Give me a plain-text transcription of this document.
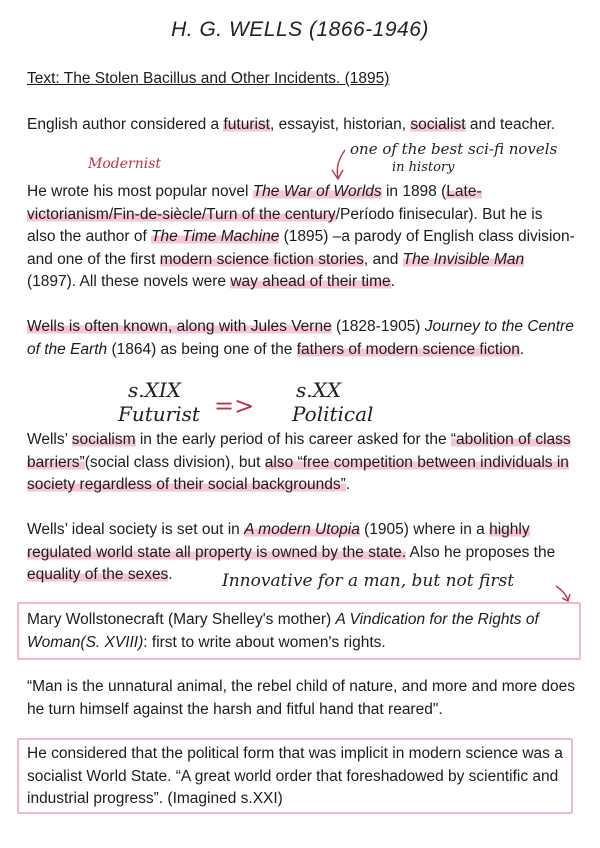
H. G. WELLS (1866-1946)
Text: The Stolen Bacillus and Other Incidents. (1895)

English author considered a futurist, essayist, historian, socialist and teacher.

He wrote his most popular novel The War of Worlds in 1898 (Late-victorianism/Fin-de-siècle/Turn of the century/Período finisecular). But he is also the author of The Time Machine (1895) –a parody of English class division- and one of the first modern science fiction stories, and The Invisible Man (1897). All these novels were way ahead of their time.

Wells is often known, along with Jules Verne (1828-1905) Journey to the Centre of the Earth (1864) as being one of the fathers of modern science fiction.

Wells’ socialism in the early period of his career asked for the “abolition of class barriers”(social class division), but also “free competition between individuals in society regardless of their social backgrounds”.

Wells’ ideal society is set out in A modern Utopia (1905) where in a highly regulated world state all property is owned by the state. Also he proposes the equality of the sexes.

Mary Wollstonecraft (Mary Shelley's mother) A Vindication for the Rights of Woman(S. XVIII): first to write about women's rights.

“Man is the unnatural animal, the rebel child of nature, and more and more does he turn himself against the harsh and fitful hand that reared".

He considered that the political form that was implicit in modern science was a socialist World State. “A great world order that foreshadowed by scientific and industrial progress”. (Imagined s.XXI)

Modernist
one of the best sci-fi novels
in history
s.XIX
Futurist =>
s.XX
Political
Innovative for a man, but not first
